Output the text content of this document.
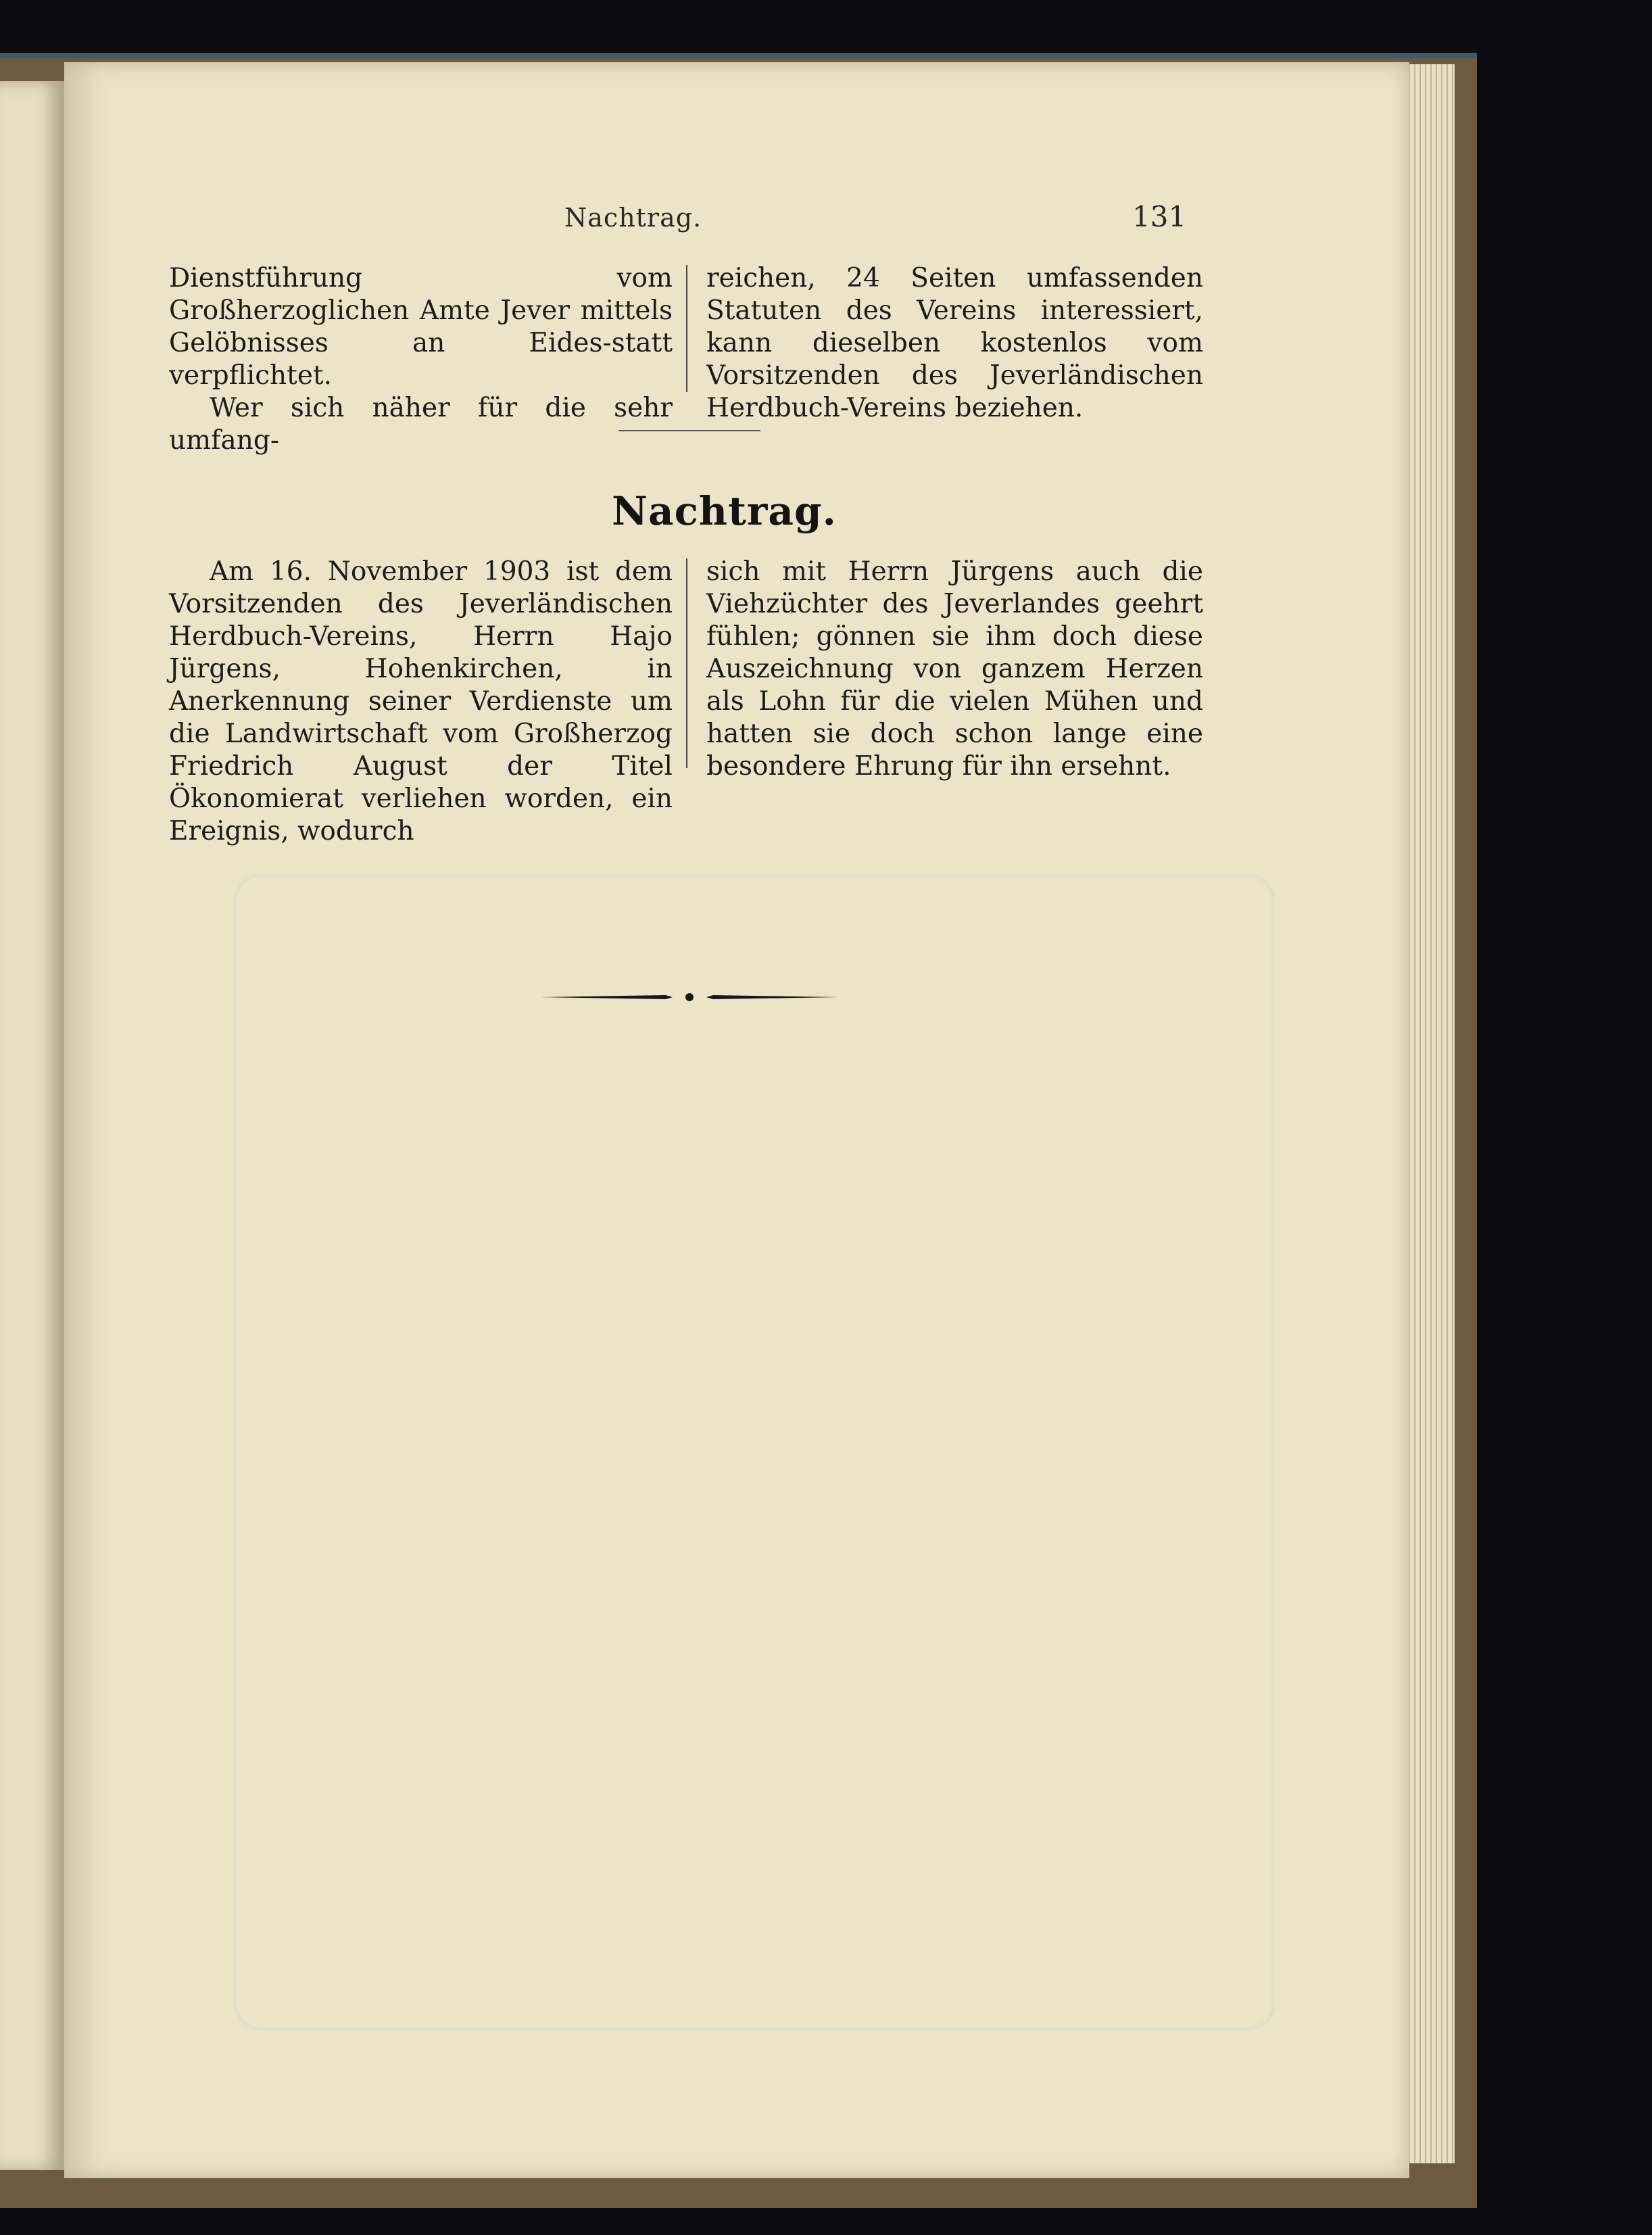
Nachtrag.	131

Dienstführung vom Großherzoglichen Amte Jever mittels Gelöbnisses an Eides-statt verpflichtet.

Wer sich näher für die sehr umfang-

reichen, 24 Seiten umfassenden Statuten des Vereins interessiert, kann dieselben kostenlos vom Vorsitzenden des Jeverländischen Herdbuch-Vereins beziehen.

Nachtrag.

Am 16. November 1903 ist dem Vorsitzenden des Jeverländischen Herdbuch-Vereins, Herrn Hajo Jürgens, Hohenkirchen, in Anerkennung seiner Verdienste um die Landwirtschaft vom Großherzog Friedrich August der Titel Ökonomierat verliehen worden, ein Ereignis, wodurch

sich mit Herrn Jürgens auch die Viehzüchter des Jeverlandes geehrt fühlen; gönnen sie ihm doch diese Auszeichnung von ganzem Herzen als Lohn für die vielen Mühen und hatten sie doch schon lange eine besondere Ehrung für ihn ersehnt.
